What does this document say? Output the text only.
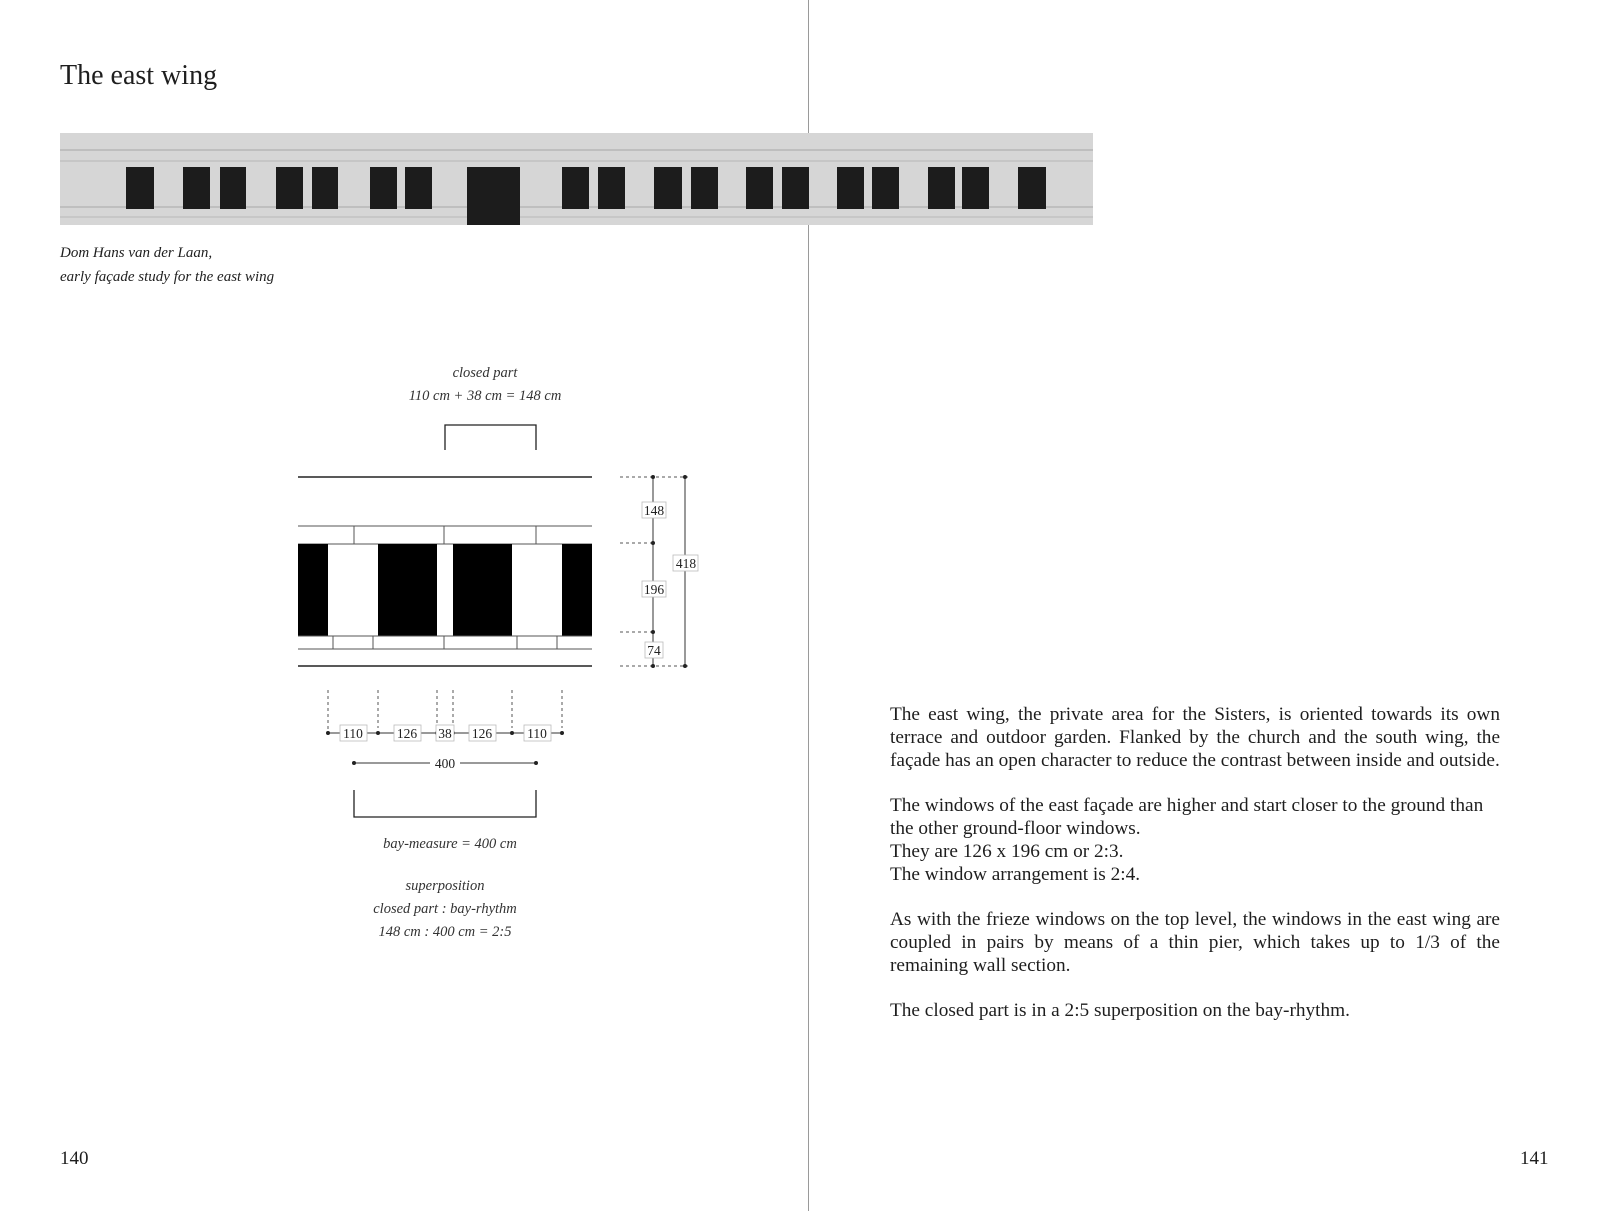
The east wing
Dom Hans van der Laan,
early façade study for the east wing
closed part
110 cm + 38 cm = 148 cm
148
196
74
418
110	126 38 126	110
400
bay-measure = 400 cm
superposition
closed part : bay-rhythm
148 cm : 400 cm = 2:5

The east wing, the private area for the Sisters, is oriented towards its own terrace and outdoor garden. Flanked by the church and the south wing, the façade has an open character to reduce the contrast between inside and outside.

The windows of the east façade are higher and start closer to the ground than the other ground-floor windows.
They are 126 x 196 cm or 2:3.
The window arrangement is 2:4.

As with the frieze windows on the top level, the windows in the east wing are coupled in pairs by means of a thin pier, which takes up to 1/3 of the remaining wall section.

The closed part is in a 2:5 superposition on the bay-rhythm.

140	141
